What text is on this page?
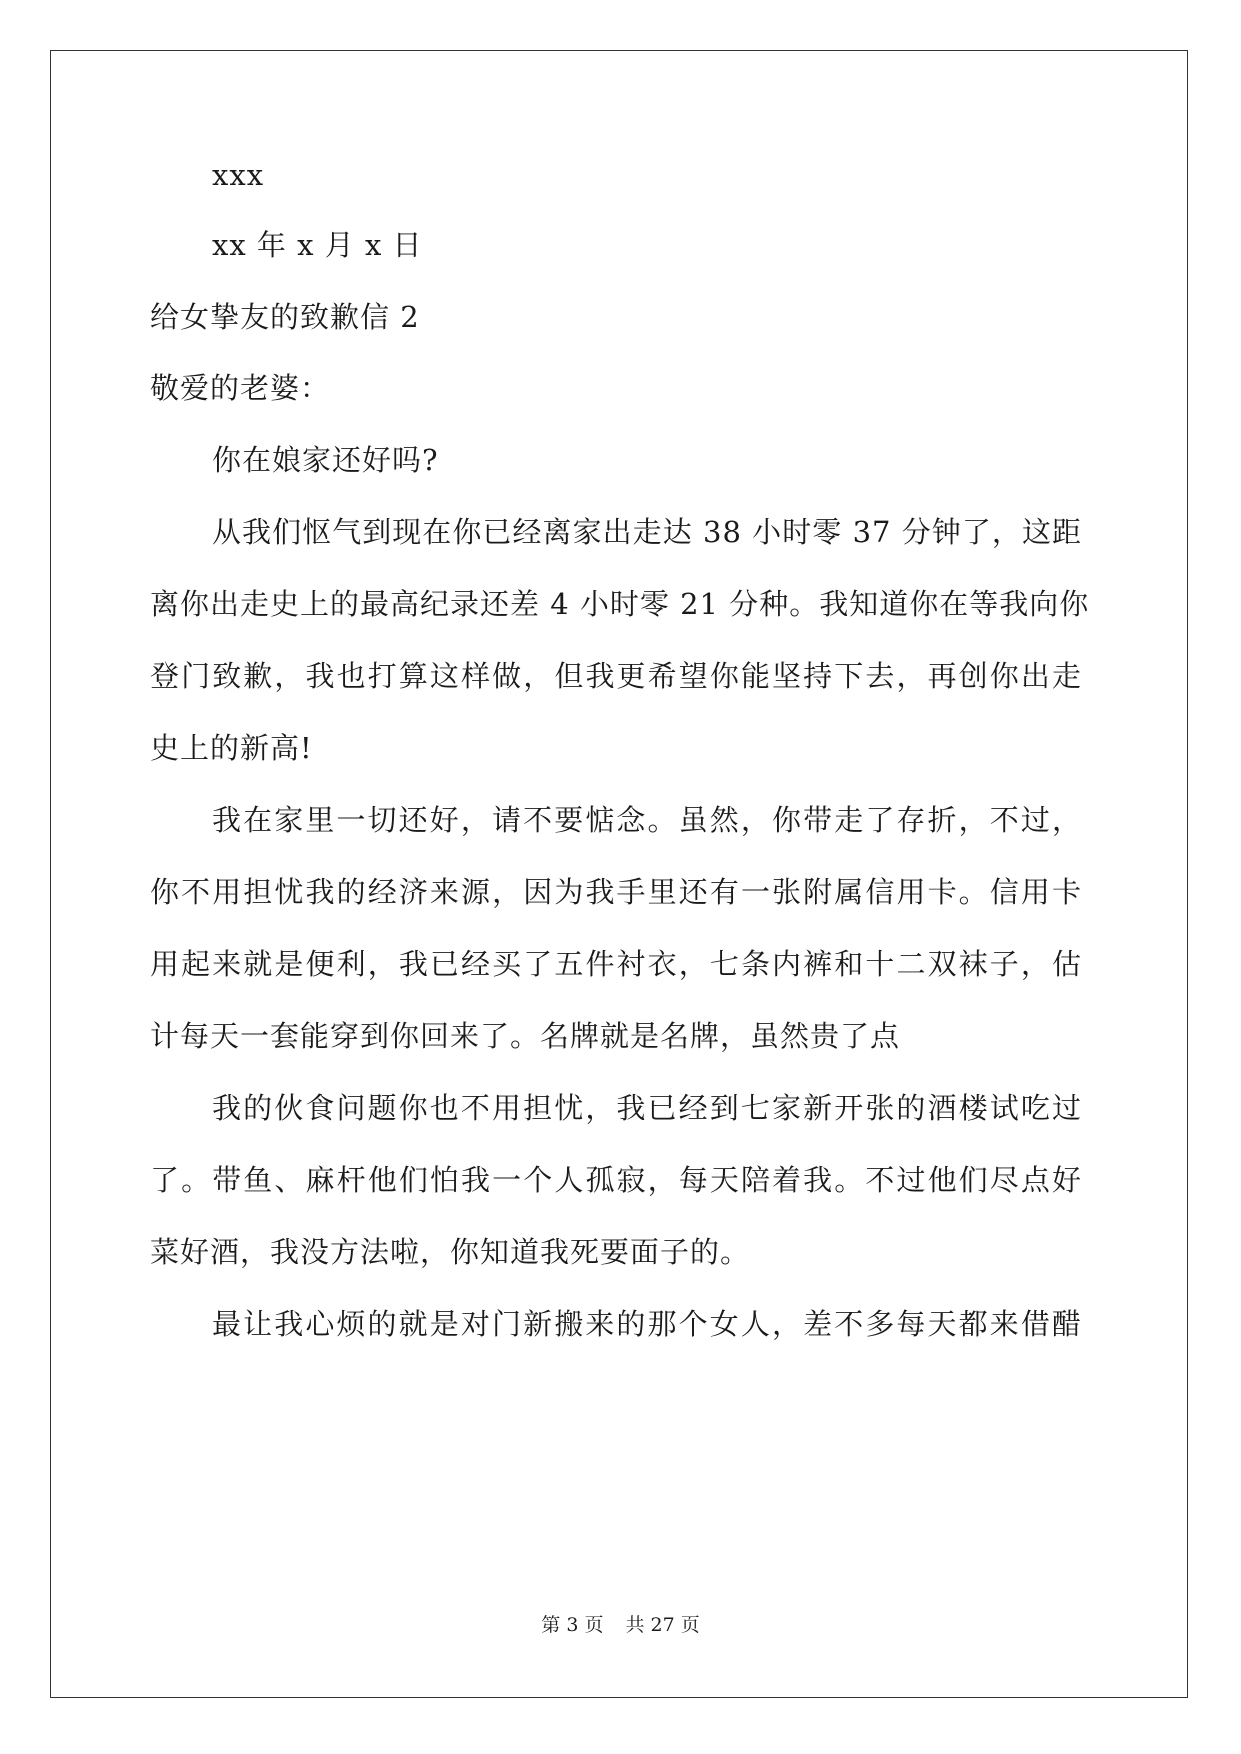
xxx
xx 年 x 月 x 日
给女挚友的致歉信 2
敬爱的老婆：
你在娘家还好吗?
从我们怄气到现在你已经离家出走达 38 小时零 37 分钟了，这距
离你出走史上的最高纪录还差 4 小时零 21 分种。我知道你在等我向你
登门致歉，我也打算这样做，但我更希望你能坚持下去，再创你出走
史上的新高!
我在家里一切还好，请不要惦念。虽然，你带走了存折，不过，
你不用担忧我的经济来源，因为我手里还有一张附属信用卡。信用卡
用起来就是便利，我已经买了五件衬衣，七条内裤和十二双袜子，估
计每天一套能穿到你回来了。名牌就是名牌，虽然贵了点
我的伙食问题你也不用担忧，我已经到七家新开张的酒楼试吃过
了。带鱼、麻杆他们怕我一个人孤寂，每天陪着我。不过他们尽点好
菜好酒，我没方法啦，你知道我死要面子的。
最让我心烦的就是对门新搬来的那个女人，差不多每天都来借醋
第 3 页 共 27 页
